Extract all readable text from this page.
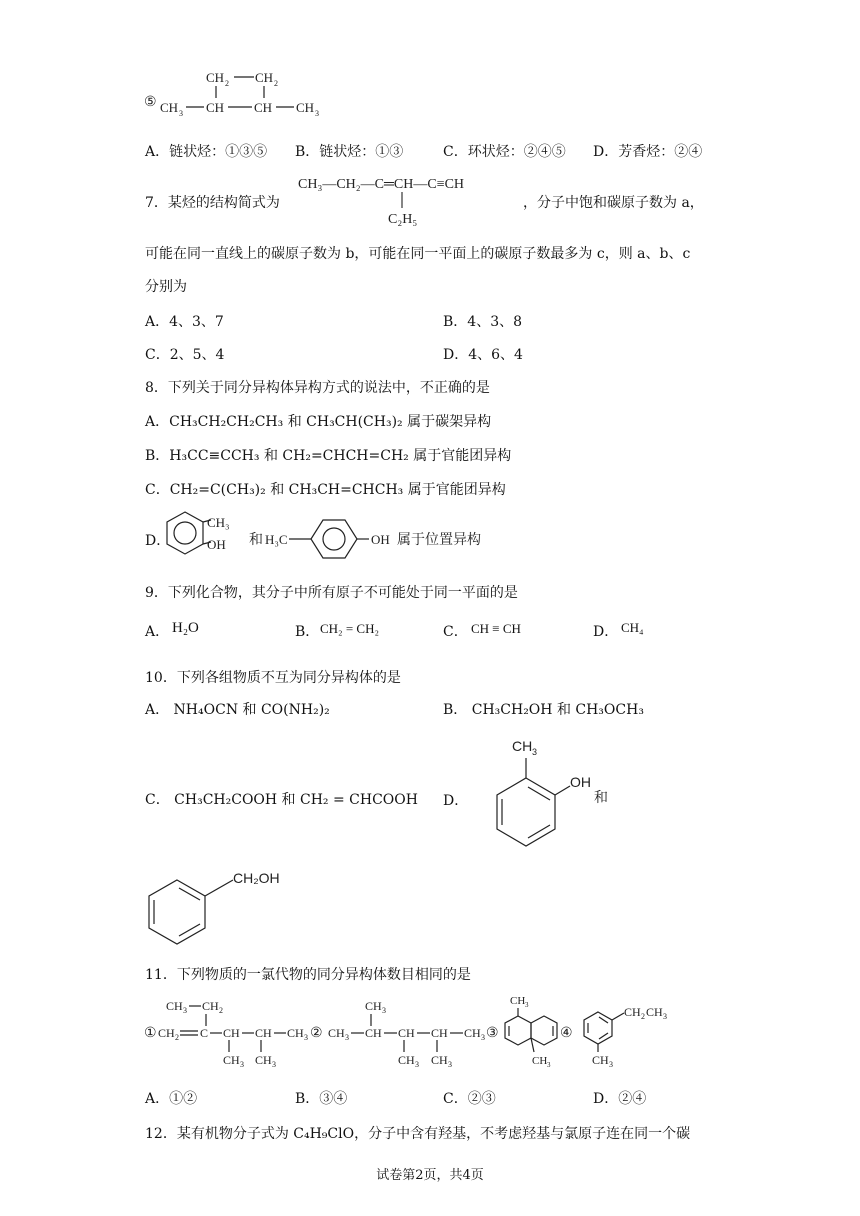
⑤
CH 2 CH 2
CH 3 CH CH CH 3
A．链状烃：①③⑤ B．链状烃：①③	C．环状烃：②④⑤ D．芳香烃：②④
7．某烃的结构简式为
CH₃—CH₂—C═CH—C≡CH
C₂H₅
，分子中饱和碳原子数为 a，
可能在同一直线上的碳原子数为 b，可能在同一平面上的碳原子数最多为 c，则 a、b、c
分别为
A．4、3、7	B．4、3、8
C．2、5、4	D．4、6、4
8．下列关于同分异构体异构方式的说法中，不正确的是
A．CH₃CH₂CH₂CH₃ 和 CH₃CH(CH₃)₂ 属于碳架异构
B．H₃CC≡CCH₃ 和 CH₂=CHCH=CH₂ 属于官能团异构
C．CH₂=C(CH₃)₂ 和 CH₃CH=CHCH₃ 属于官能团异构
D．
CH₃
OH 和 H₃C	OH 属于位置异构
9．下列化合物，其分子中所有原子不可能处于同一平面的是
A． H₂O	B． CH₂ = CH₂	C． CH ≡ CH	D． CH₄
10．下列各组物质不互为同分异构体的是
A． NH₄OCN 和 CO(NH₂)₂	B． CH₃CH₂OH 和 CH₃OCH₃
C． CH₃CH₂COOH 和 CH₂ = CHCOOH D．
CH 3
OH
和
CH₂OH
11．下列物质的一氯代物的同分异构体数目相同的是
①
CH 3 CH 2
CH 2 C CH
CH 3
CH
CH 3
CH 3 ② CH 3
CH 3
CH CH
CH 3
CH
CH 3
CH 3 ③
CH 3
CH 3
④
CH 2 CH 3
CH 3
A．①②	B．③④	C．②③	D．②④
12．某有机物分子式为 C₄H₉ClO，分子中含有羟基，不考虑羟基与氯原子连在同一个碳
试卷第2页，共4页
